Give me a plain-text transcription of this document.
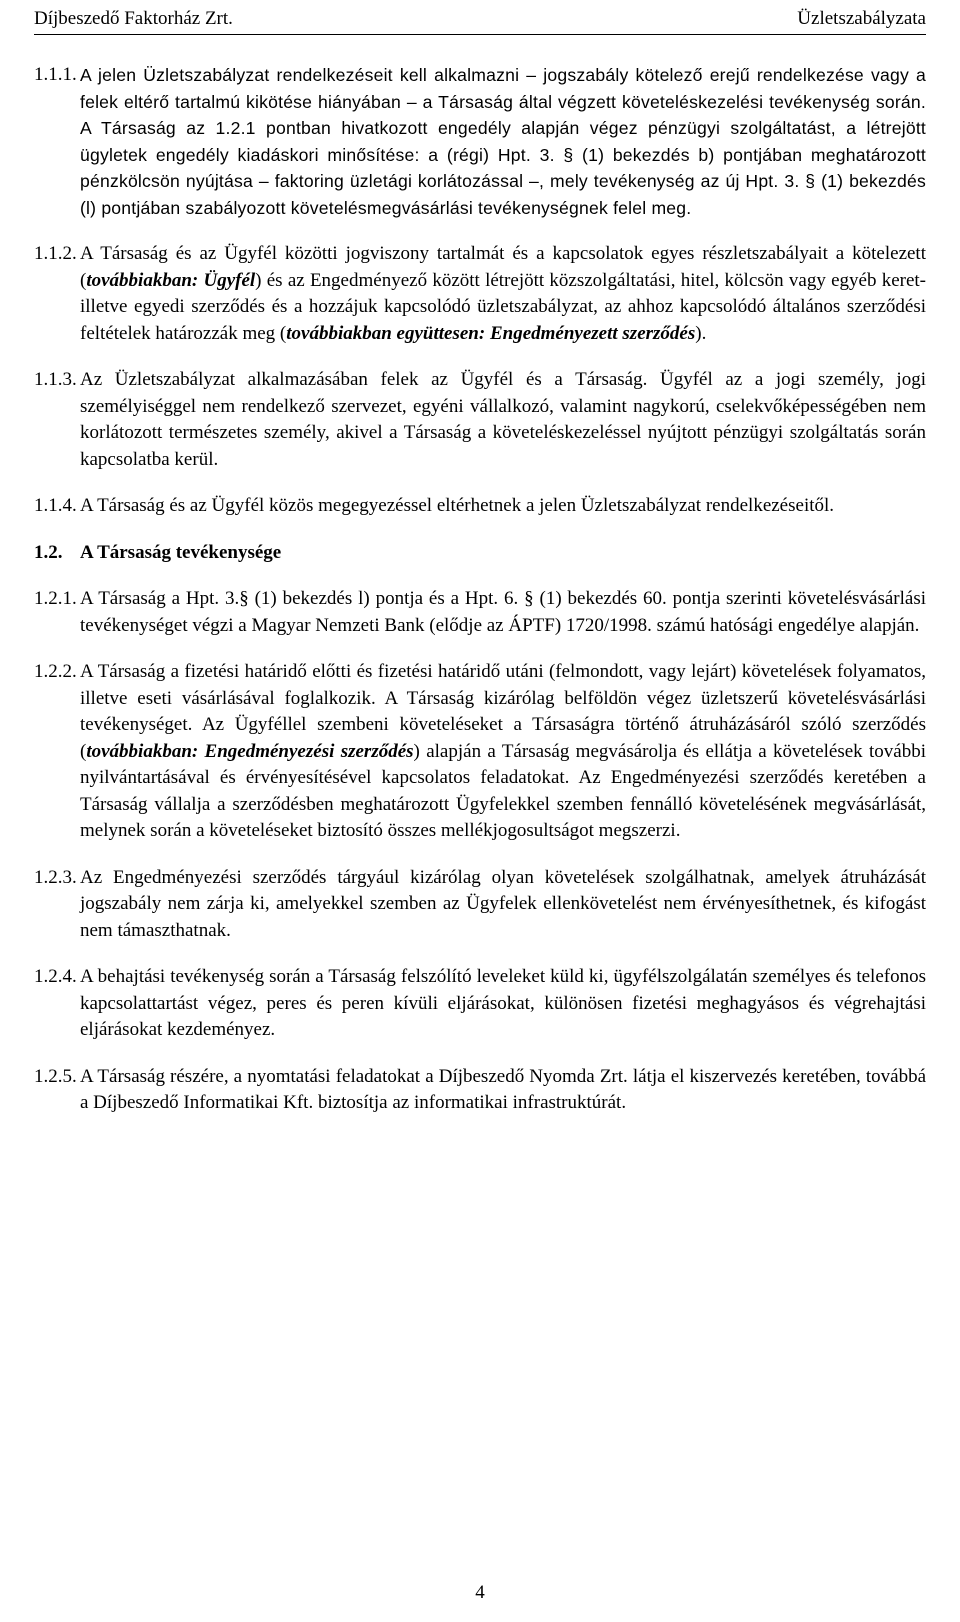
Díjbeszedő Faktorház Zrt.	Üzletszabályzata
1.1.1. A jelen Üzletszabályzat rendelkezéseit kell alkalmazni – jogszabály kötelező erejű rendelkezése vagy a felek eltérő tartalmú kikötése hiányában – a Társaság által végzett követeléskezelési tevékenység során. A Társaság az 1.2.1 pontban hivatkozott engedély alapján végez pénzügyi szolgáltatást, a létrejött ügyletek engedély kiadáskori minősítése: a (régi) Hpt. 3. § (1) bekezdés b) pontjában meghatározott pénzkölcsön nyújtása – faktoring üzletági korlátozással –, mely tevékenység az új Hpt. 3. § (1) bekezdés (l) pontjában szabályozott követelésmegvásárlási tevékenységnek felel meg.
1.1.2. A Társaság és az Ügyfél közötti jogviszony tartalmát és a kapcsolatok egyes részletszabályait a kötelezett (továbbiakban: Ügyfél) és az Engedményező között létrejött közszolgáltatási, hitel, kölcsön vagy egyéb keret- illetve egyedi szerződés és a hozzájuk kapcsolódó üzletszabályzat, az ahhoz kapcsolódó általános szerződési feltételek határozzák meg (továbbiakban együttesen: Engedményezett szerződés).
1.1.3. Az Üzletszabályzat alkalmazásában felek az Ügyfél és a Társaság. Ügyfél az a jogi személy, jogi személyiséggel nem rendelkező szervezet, egyéni vállalkozó, valamint nagykorú, cselekvőképességében nem korlátozott természetes személy, akivel a Társaság a követeléskezeléssel nyújtott pénzügyi szolgáltatás során kapcsolatba kerül.
1.1.4. A Társaság és az Ügyfél közös megegyezéssel eltérhetnek a jelen Üzletszabályzat rendelkezéseitől.
1.2. A Társaság tevékenysége
1.2.1. A Társaság a Hpt. 3.§ (1) bekezdés l) pontja és a Hpt. 6. § (1) bekezdés 60. pontja szerinti követelésvásárlási tevékenységet végzi a Magyar Nemzeti Bank (elődje az ÁPTF) 1720/1998. számú hatósági engedélye alapján.
1.2.2. A Társaság a fizetési határidő előtti és fizetési határidő utáni (felmondott, vagy lejárt) követelések folyamatos, illetve eseti vásárlásával foglalkozik. A Társaság kizárólag belföldön végez üzletszerű követelésvásárlási tevékenységet. Az Ügyféllel szembeni követeléseket a Társaságra történő átruházásáról szóló szerződés (továbbiakban: Engedményezési szerződés) alapján a Társaság megvásárolja és ellátja a követelések további nyilvántartásával és érvényesítésével kapcsolatos feladatokat. Az Engedményezési szerződés keretében a Társaság vállalja a szerződésben meghatározott Ügyfelekkel szemben fennálló követelésének megvásárlását, melynek során a követeléseket biztosító összes mellékjogosultságot megszerzi.
1.2.3. Az Engedményezési szerződés tárgyául kizárólag olyan követelések szolgálhatnak, amelyek átruházását jogszabály nem zárja ki, amelyekkel szemben az Ügyfelek ellenkövetelést nem érvényesíthetnek, és kifogást nem támaszthatnak.
1.2.4. A behajtási tevékenység során a Társaság felszólító leveleket küld ki, ügyfélszolgálatán személyes és telefonos kapcsolattartást végez, peres és peren kívüli eljárásokat, különösen fizetési meghagyásos és végrehajtási eljárásokat kezdeményez.
1.2.5. A Társaság részére, a nyomtatási feladatokat a Díjbeszedő Nyomda Zrt. látja el kiszervezés keretében, továbbá a Díjbeszedő Informatikai Kft. biztosítja az informatikai infrastruktúrát.
4
